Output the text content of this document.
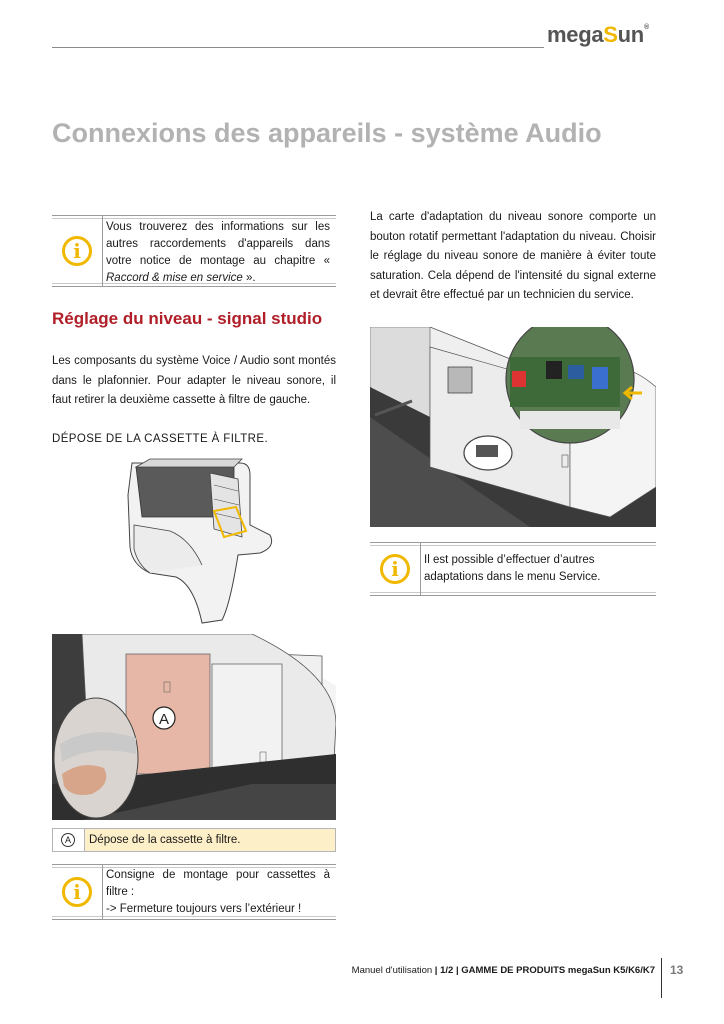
megaSun®
Connexions des appareils - système Audio
i
Vous trouverez des informations sur les autres raccordements d'appareils dans votre notice de montage au chapitre « Raccord & mise en service ».
Réglage du niveau - signal studio
Les composants du système Voice / Audio sont montés dans le plafonnier. Pour adapter le niveau sonore, il faut retirer la deuxième cassette à filtre de gauche.
DÉPOSE DE LA CASSETTE À FILTRE.
A
A	Dépose de la cassette à filtre.
i
Consigne de montage pour cassettes à filtre :
-> Fermeture toujours vers l’extérieur !
La carte d'adaptation du niveau sonore comporte un bouton rotatif permettant l'adaptation du niveau. Choisir le réglage du niveau sonore de manière à éviter toute saturation. Cela dépend de l'intensité du signal externe et devrait être effectué par un technicien du service.
i	Il est possible d’effectuer d’autres adaptations dans le menu Service.
Manuel d'utilisation | 1/2 | GAMME DE PRODUITS megaSun K5/K6/K7 13
